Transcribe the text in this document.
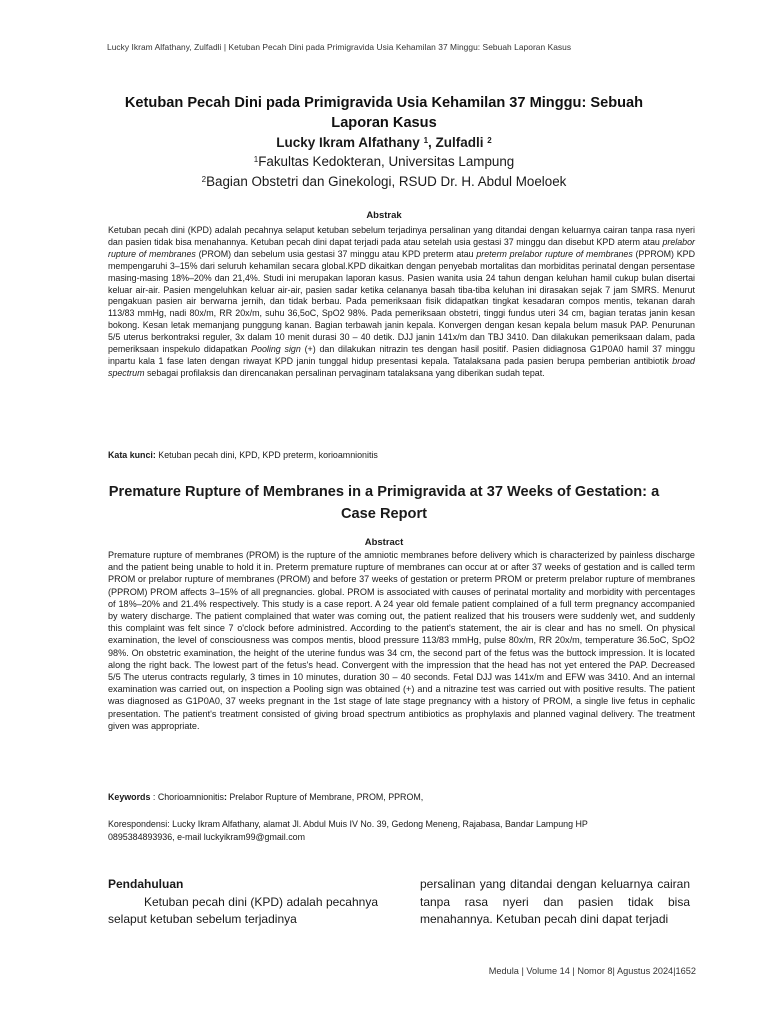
Lucky Ikram Alfathany, Zulfadli | Ketuban Pecah Dini pada Primigravida Usia Kehamilan 37 Minggu: Sebuah Laporan Kasus
Ketuban Pecah Dini pada Primigravida Usia Kehamilan 37 Minggu: Sebuah Laporan Kasus
Lucky Ikram Alfathany $^1$, Zulfadli $^2$
$^1$Fakultas Kedokteran, Universitas Lampung
$^2$Bagian Obstetri dan Ginekologi, RSUD Dr. H. Abdul Moeloek
Abstrak
Ketuban pecah dini (KPD) adalah pecahnya selaput ketuban sebelum terjadinya persalinan yang ditandai dengan keluarnya cairan tanpa rasa nyeri dan pasien tidak bisa menahannya. Ketuban pecah dini dapat terjadi pada atau setelah usia gestasi 37 minggu dan disebut KPD aterm atau prelabor rupture of membranes (PROM) dan sebelum usia gestasi 37 minggu atau KPD preterm atau preterm prelabor rupture of membranes (PPROM) KPD mempengaruhi 3–15% dari seluruh kehamilan secara global.KPD dikaitkan dengan penyebab mortalitas dan morbiditas perinatal dengan persentase masing-masing 18%–20% dan 21,4%. Studi ini merupakan laporan kasus. Pasien wanita usia 24 tahun dengan keluhan hamil cukup bulan disertai keluar air-air. Pasien mengeluhkan keluar air-air, pasien sadar ketika celananya basah tiba-tiba keluhan ini dirasakan sejak 7 jam SMRS. Menurut pengakuan pasien air berwarna jernih, dan tidak berbau. Pada pemeriksaan fisik didapatkan tingkat kesadaran compos mentis, tekanan darah 113/83 mmHg, nadi 80x/m, RR 20x/m, suhu 36,5oC, SpO2 98%. Pada pemeriksaan obstetri, tinggi fundus uteri 34 cm, bagian teratas janin kesan bokong. Kesan letak memanjang punggung kanan. Bagian terbawah janin kepala. Konvergen dengan kesan kepala belum masuk PAP. Penurunan 5/5 uterus berkontraksi reguler, 3x dalam 10 menit durasi 30 – 40 detik. DJJ janin 141x/m dan TBJ 3410. Dan dilakukan pemeriksaan dalam, pada pemeriksaan inspekulo didapatkan Pooling sign (+) dan dilakukan nitrazin tes dengan hasil positif. Pasien didiagnosa G1P0A0 hamil 37 minggu inpartu kala 1 fase laten dengan riwayat KPD janin tunggal hidup presentasi kepala. Tatalaksana pada pasien berupa pemberian antibiotik broad spectrum sebagai profilaksis dan direncanakan persalinan pervaginam tatalaksana yang diberikan sudah tepat.
Kata kunci: Ketuban pecah dini, KPD, KPD preterm, korioamnionitis
Premature Rupture of Membranes in a Primigravida at 37 Weeks of Gestation: a Case Report
Abstract
Premature rupture of membranes (PROM) is the rupture of the amniotic membranes before delivery which is characterized by painless discharge and the patient being unable to hold it in. Preterm premature rupture of membranes can occur at or after 37 weeks of gestation and is called term PROM or prelabor rupture of membranes (PROM) and before 37 weeks of gestation or preterm PROM or preterm prelabor rupture of membranes (PPROM) PROM affects 3–15% of all pregnancies. global. PROM is associated with causes of perinatal mortality and morbidity with percentages of 18%–20% and 21.4% respectively. This study is a case report. A 24 year old female patient complained of a full term pregnancy accompanied by watery discharge. The patient complained that water was coming out, the patient realized that his trousers were suddenly wet, and suddenly this complaint was felt since 7 o'clock before administred. According to the patient's statement, the air is clear and has no smell. On physical examination, the level of consciousness was compos mentis, blood pressure 113/83 mmHg, pulse 80x/m, RR 20x/m, temperature 36.5oC, SpO2 98%. On obstetric examination, the height of the uterine fundus was 34 cm, the second part of the fetus was the buttock impression. It is located along the right back. The lowest part of the fetus's head. Convergent with the impression that the head has not yet entered the PAP. Decreased 5/5 The uterus contracts regularly, 3 times in 10 minutes, duration 30 – 40 seconds. Fetal DJJ was 141x/m and EFW was 3410. And an internal examination was carried out, on inspection a Pooling sign was obtained (+) and a nitrazine test was carried out with positive results. The patient was diagnosed as G1P0A0, 37 weeks pregnant in the 1st stage of late stage pregnancy with a history of PROM, a single live fetus in cephalic presentation. The patient's treatment consisted of giving broad spectrum antibiotics as prophylaxis and planned vaginal delivery. The treatment given was appropriate.
Keywords : Chorioamnionitis: Prelabor Rupture of Membrane, PROM, PPROM,
Korespondensi: Lucky Ikram Alfathany, alamat Jl. Abdul Muis IV No. 39, Gedong Meneng, Rajabasa, Bandar Lampung HP
0895384893936, e-mail luckyikram99@gmail.com
Pendahuluan
Ketuban pecah dini (KPD) adalah pecahnya selaput ketuban sebelum terjadinya
persalinan yang ditandai dengan keluarnya cairan tanpa rasa nyeri dan pasien tidak bisa menahannya. Ketuban pecah dini dapat terjadi
Medula | Volume 14 | Nomor 8| Agustus 2024|1652
